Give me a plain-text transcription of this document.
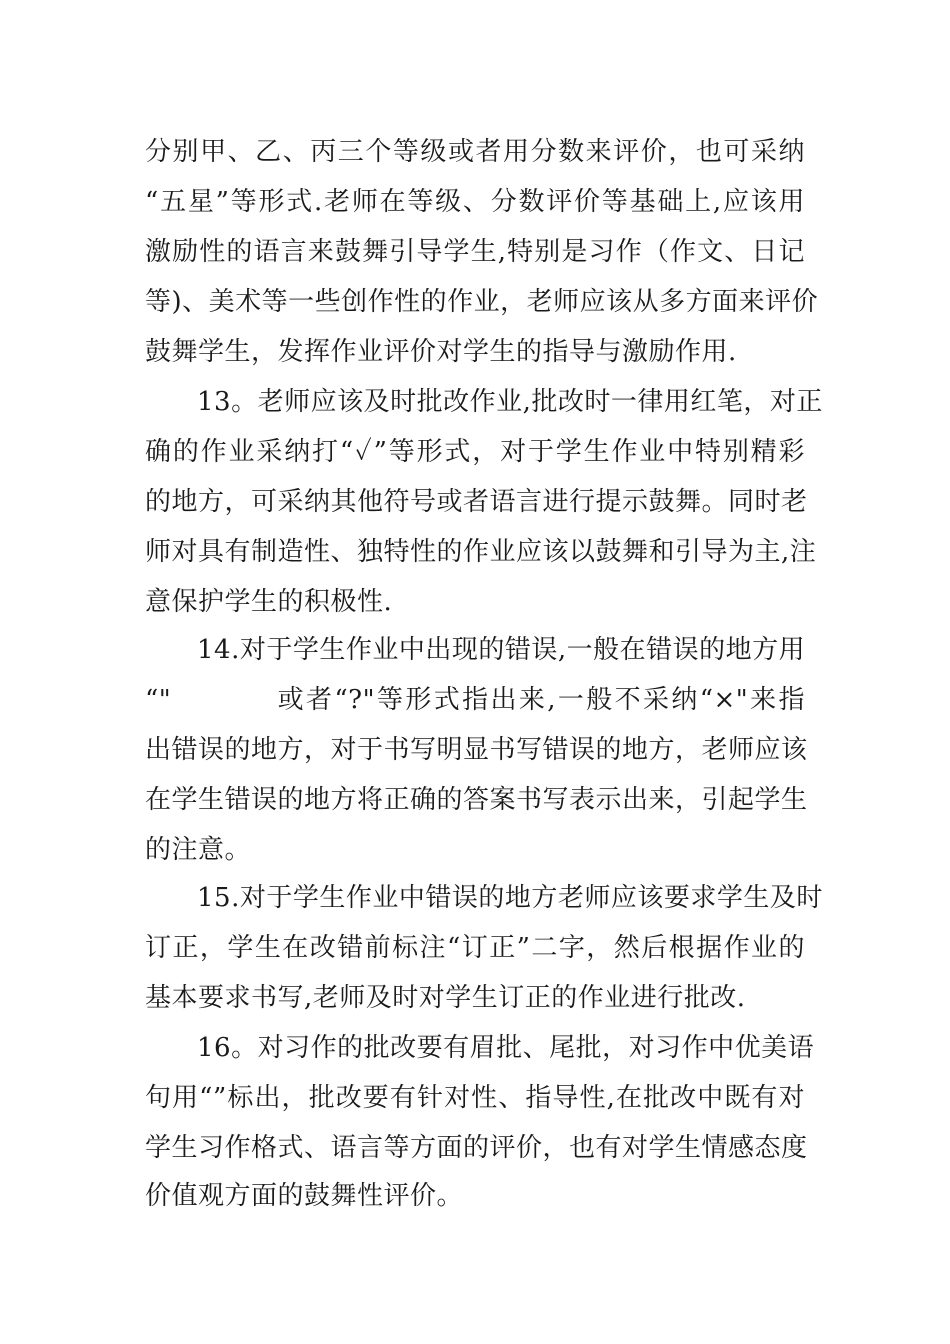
分别甲、乙、丙三个等级或者用分数来评价，也可采纳

“五星”等形式.老师在等级、分数评价等基础上,应该用

激励性的语言来鼓舞引导学生,特别是习作（作文、日记

等)、美术等一些创作性的作业，老师应该从多方面来评价

鼓舞学生，发挥作业评价对学生的指导与激励作用.

13。老师应该及时批改作业,批改时一律用红笔，对正

确的作业采纳打“✓”等形式，对于学生作业中特别精彩

的地方，可采纳其他符号或者语言进行提示鼓舞。同时老

师对具有制造性、独特性的作业应该以鼓舞和引导为主,注

意保护学生的积极性.

14.对于学生作业中出现的错误,一般在错误的地方用

“"          或者“?"等形式指出来,一般不采纳“×"来指

出错误的地方，对于书写明显书写错误的地方，老师应该

在学生错误的地方将正确的答案书写表示出来，引起学生

的注意。

15.对于学生作业中错误的地方老师应该要求学生及时

订正，学生在改错前标注“订正”二字，然后根据作业的

基本要求书写,老师及时对学生订正的作业进行批改.

16。对习作的批改要有眉批、尾批，对习作中优美语

句用“”标出，批改要有针对性、指导性,在批改中既有对

学生习作格式、语言等方面的评价，也有对学生情感态度

价值观方面的鼓舞性评价。
